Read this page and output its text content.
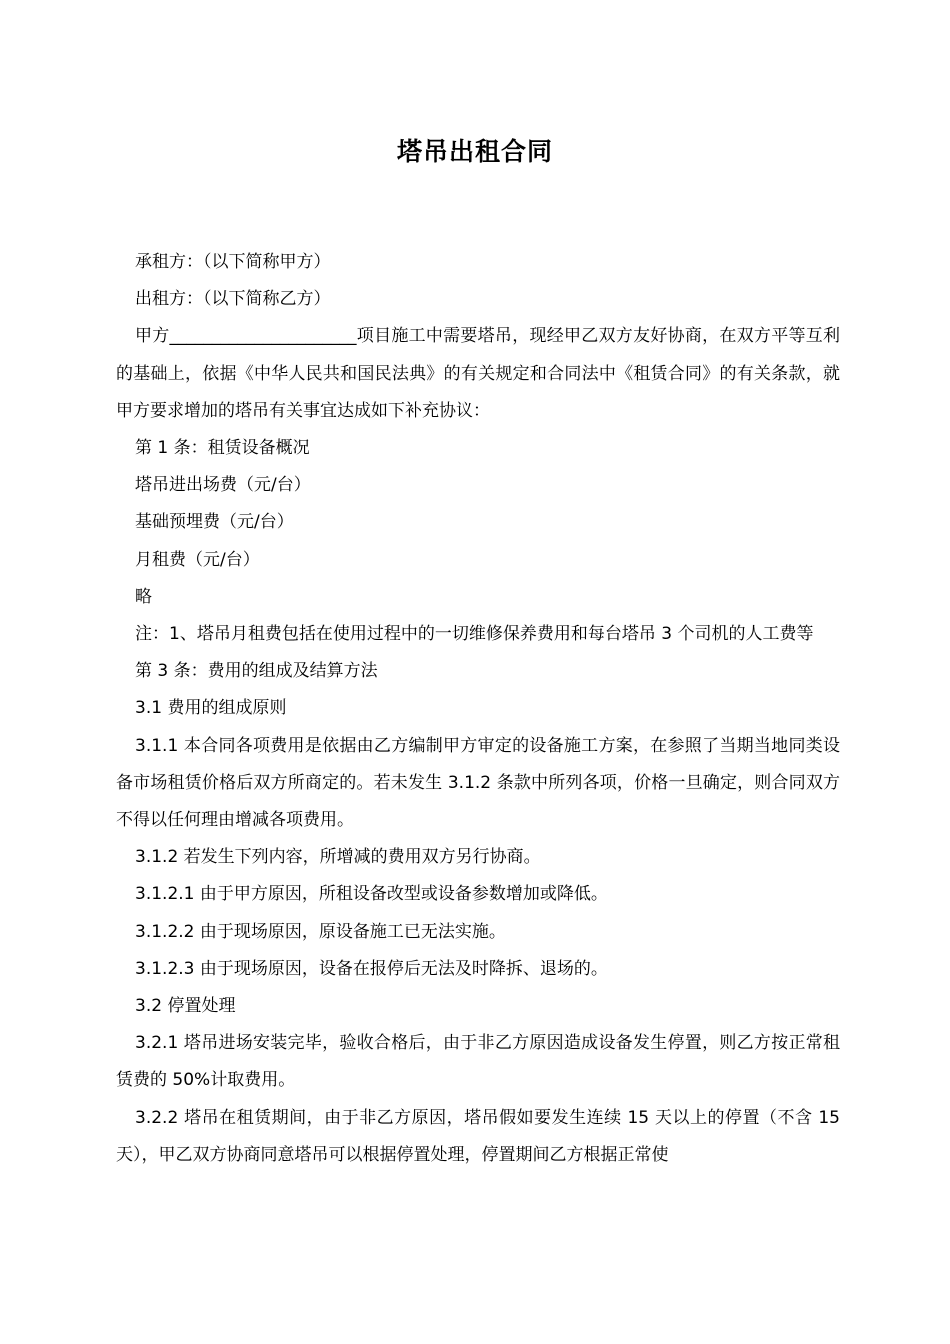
塔吊出租合同

承租方：（以下简称甲方）

出租方：（以下简称乙方）

甲方______________________项目施工中需要塔吊，现经甲乙双方友好协商，在双方平等互利的基础上，依据《中华人民共和国民法典》的有关规定和合同法中《租赁合同》的有关条款，就甲方要求增加的塔吊有关事宜达成如下补充协议：

第 1 条：租赁设备概况

塔吊进出场费（元/台）

基础预埋费（元/台）

月租费（元/台）

略

注：1、塔吊月租费包括在使用过程中的一切维修保养费用和每台塔吊 3 个司机的人工费等

第 3 条：费用的组成及结算方法

3.1 费用的组成原则

3.1.1 本合同各项费用是依据由乙方编制甲方审定的设备施工方案，在参照了当期当地同类设备市场租赁价格后双方所商定的。若未发生 3.1.2 条款中所列各项，价格一旦确定，则合同双方不得以任何理由增减各项费用。

3.1.2 若发生下列内容，所增减的费用双方另行协商。

3.1.2.1 由于甲方原因，所租设备改型或设备参数增加或降低。

3.1.2.2 由于现场原因，原设备施工已无法实施。

3.1.2.3 由于现场原因，设备在报停后无法及时降拆、退场的。

3.2 停置处理

3.2.1 塔吊进场安装完毕，验收合格后，由于非乙方原因造成设备发生停置，则乙方按正常租赁费的 50%计取费用。

3.2.2 塔吊在租赁期间，由于非乙方原因，塔吊假如要发生连续 15 天以上的停置（不含 15 天），甲乙双方协商同意塔吊可以根据停置处理，停置期间乙方根据正常使
